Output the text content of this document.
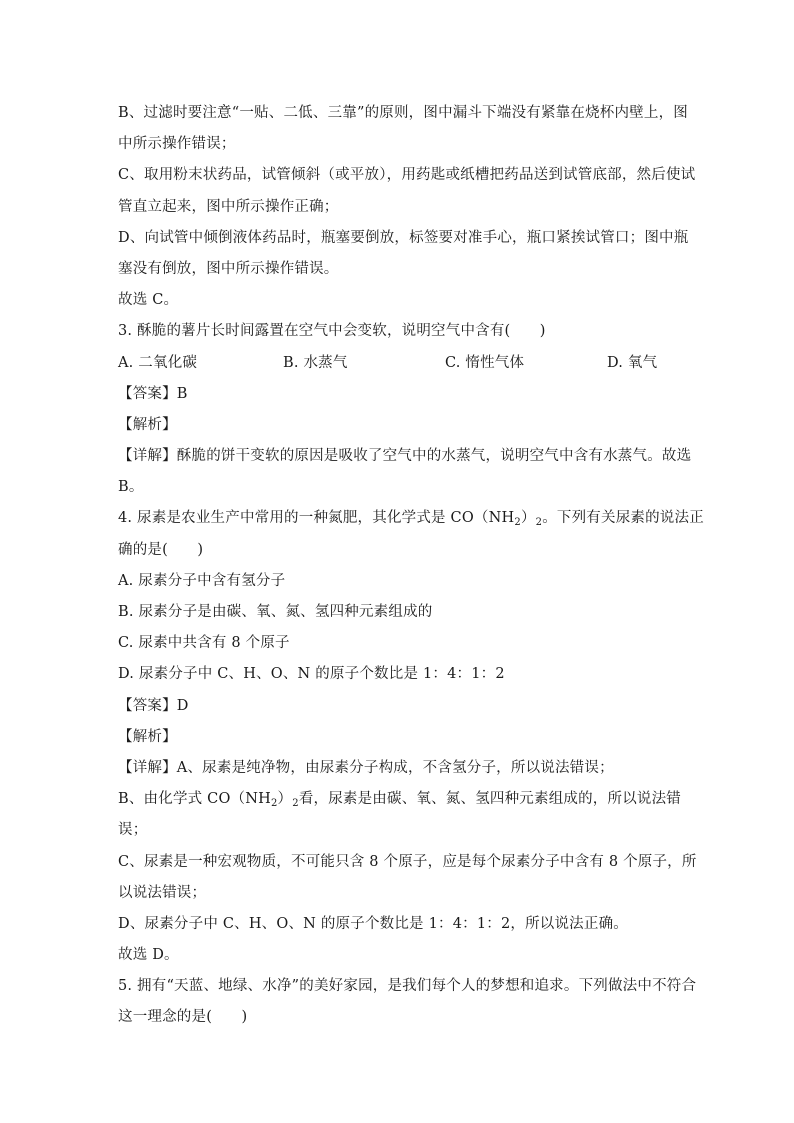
B、过滤时要注意“一贴、二低、三靠”的原则，图中漏斗下端没有紧靠在烧杯内壁上，图
中所示操作错误；
C、取用粉末状药品，试管倾斜（或平放），用药匙或纸槽把药品送到试管底部，然后使试
管直立起来，图中所示操作正确；
D、向试管中倾倒液体药品时，瓶塞要倒放，标签要对准手心，瓶口紧挨试管口；图中瓶
塞没有倒放，图中所示操作错误。
故选 C。
3. 酥脆的薯片长时间露置在空气中会变软，说明空气中含有(　　)
A. 二氧化碳	B. 水蒸气	C. 惰性气体	D. 氧气
【答案】B
【解析】
【详解】酥脆的饼干变软的原因是吸收了空气中的水蒸气，说明空气中含有水蒸气。故选
B。
4. 尿素是农业生产中常用的一种氮肥，其化学式是 $CO(NH_2)_2$。下列有关尿素的说法正
确的是(　　)
A. 尿素分子中含有氢分子
B. 尿素分子是由碳、氧、氮、氢四种元素组成的
C. 尿素中共含有 8 个原子
D. 尿素分子中 C、H、O、N 的原子个数比是 1：4：1：2
【答案】D
【解析】
【详解】A、尿素是纯净物，由尿素分子构成，不含氢分子，所以说法错误；
B、由化学式 $CO(NH_2)_2$看，尿素是由碳、氧、氮、氢四种元素组成的，所以说法错
误；
C、尿素是一种宏观物质，不可能只含 8 个原子，应是每个尿素分子中含有 8 个原子，所
以说法错误；
D、尿素分子中 C、H、O、N 的原子个数比是 1：4：1：2，所以说法正确。
故选 D。
5. 拥有“天蓝、地绿、水净”的美好家园，是我们每个人的梦想和追求。下列做法中不符合
这一理念的是(　　)
